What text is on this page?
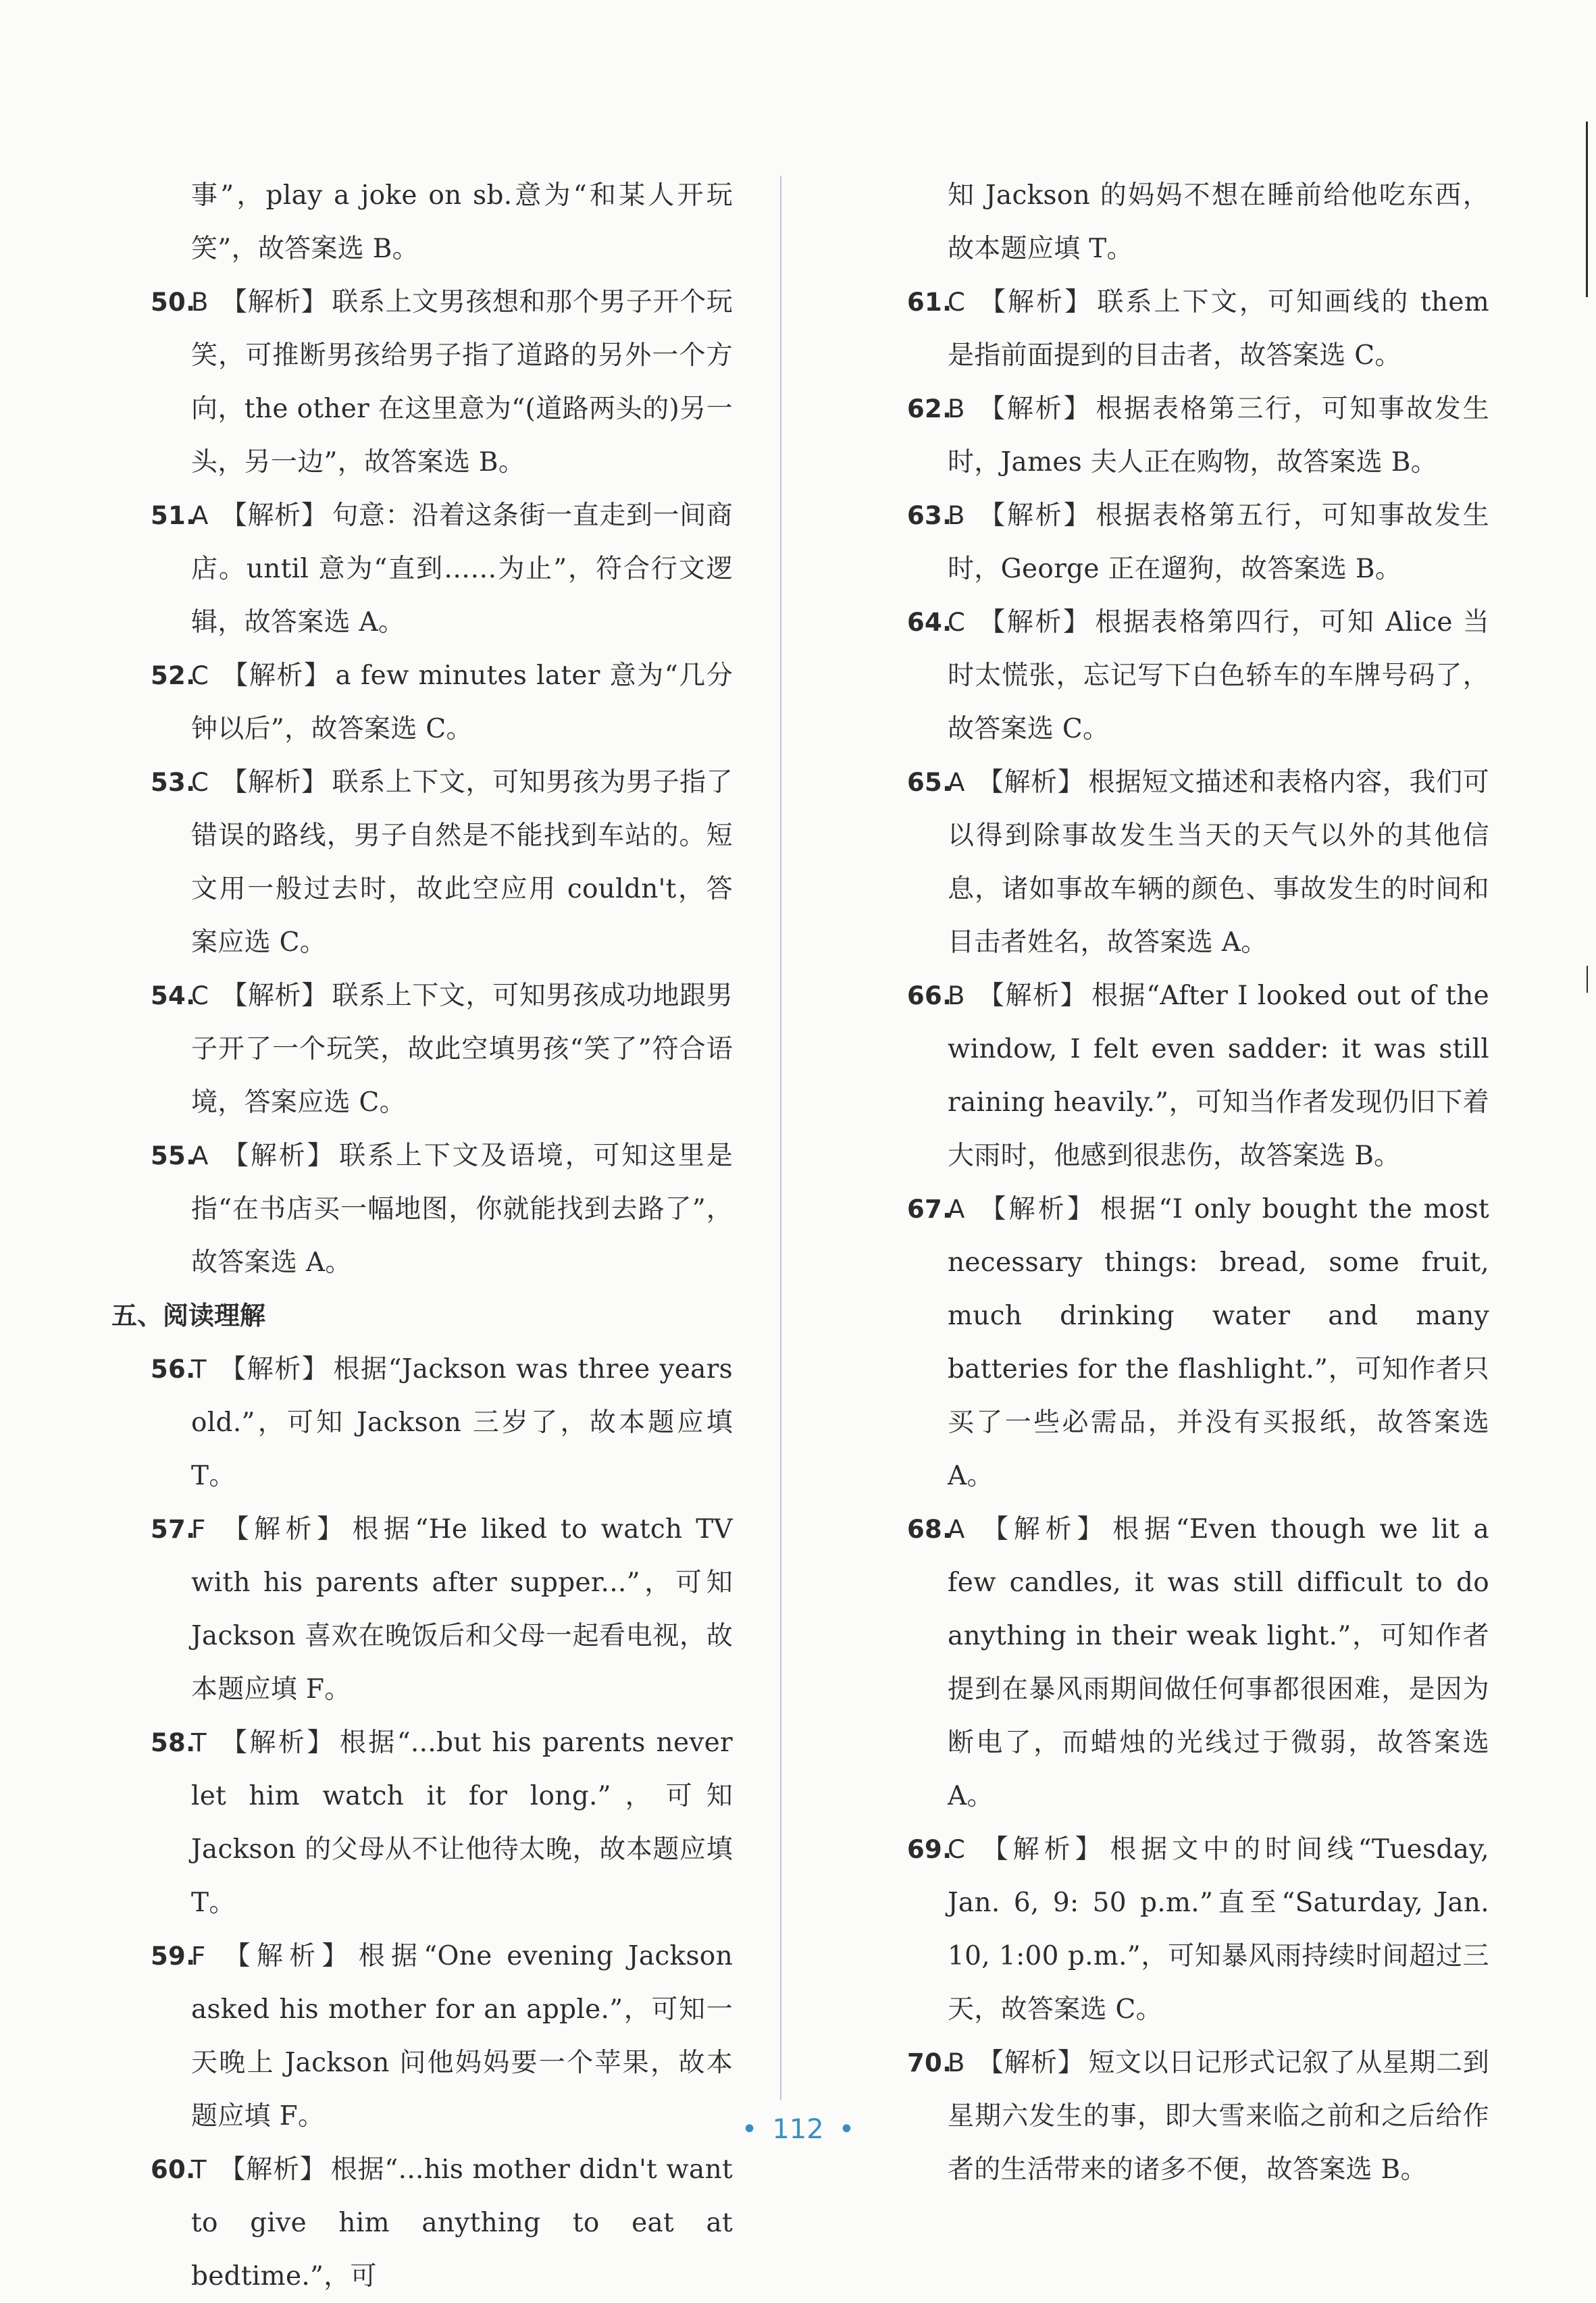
事”，play a joke on sb.意为“和某人开玩笑”，故答案选 B。

50.
B 【解析】 联系上文男孩想和那个男子开个玩笑，可推断男孩给男子指了道路的另外一个方向，the other 在这里意为“(道路两头的)另一头，另一边”，故答案选 B。
51.
A 【解析】 句意：沿着这条街一直走到一间商店。until 意为“直到……为止”，符合行文逻辑，故答案选 A。
52.
C 【解析】 a few minutes later 意为“几分钟以后”，故答案选 C。
53.
C 【解析】 联系上下文，可知男孩为男子指了错误的路线，男子自然是不能找到车站的。短文用一般过去时，故此空应用 couldn't，答案应选 C。
54.
C 【解析】 联系上下文，可知男孩成功地跟男子开了一个玩笑，故此空填男孩“笑了”符合语境，答案应选 C。
55.
A 【解析】 联系上下文及语境，可知这里是指“在书店买一幅地图，你就能找到去路了”，故答案选 A。
五、阅读理解
56.
T 【解析】 根据“Jackson was three years old.”，可知 Jackson 三岁了，故本题应填 T。
57.
F 【解析】 根据“He liked to watch TV with his parents after supper...”，可知Jackson 喜欢在晚饭后和父母一起看电视，故本题应填 F。
58.
T 【解析】 根据“...but his parents never let him watch it for long.”，可知 Jackson 的父母从不让他待太晚，故本题应填 T。
59.
F 【解析】 根据“One evening Jackson asked his mother for an apple.”，可知一天晚上 Jackson 问他妈妈要一个苹果，故本题应填 F。
60.
T 【解析】 根据“...his mother didn't want to give him anything to eat at bedtime.”，可

知 Jackson 的妈妈不想在睡前给他吃东西，故本题应填 T。

61.
C 【解析】 联系上下文，可知画线的 them 是指前面提到的目击者，故答案选 C。
62.
B 【解析】 根据表格第三行，可知事故发生时，James 夫人正在购物，故答案选 B。
63.
B 【解析】 根据表格第五行，可知事故发生时，George 正在遛狗，故答案选 B。
64.
C 【解析】 根据表格第四行，可知 Alice 当时太慌张，忘记写下白色轿车的车牌号码了，故答案选 C。
65.
A 【解析】 根据短文描述和表格内容，我们可以得到除事故发生当天的天气以外的其他信息，诸如事故车辆的颜色、事故发生的时间和目击者姓名，故答案选 A。
66.
B 【解析】 根据“After I looked out of the window, I felt even sadder: it was still raining heavily.”，可知当作者发现仍旧下着大雨时，他感到很悲伤，故答案选 B。
67.
A 【解析】 根据“I only bought the most necessary things: bread, some fruit, much drinking water and many batteries for the flashlight.”，可知作者只买了一些必需品，并没有买报纸，故答案选 A。
68.
A 【解析】 根据“Even though we lit a few candles, it was still difficult to do anything in their weak light.”，可知作者提到在暴风雨期间做任何事都很困难，是因为断电了，而蜡烛的光线过于微弱，故答案选 A。
69.
C 【解析】 根据文中的时间线“Tuesday, Jan. 6, 9: 50 p.m.”直至“Saturday, Jan. 10, 1:00 p.m.”，可知暴风雨持续时间超过三天，故答案选 C。
70.
B 【解析】 短文以日记形式记叙了从星期二到星期六发生的事，即大雪来临之前和之后给作者的生活带来的诸多不便，故答案选 B。
• 112 •
